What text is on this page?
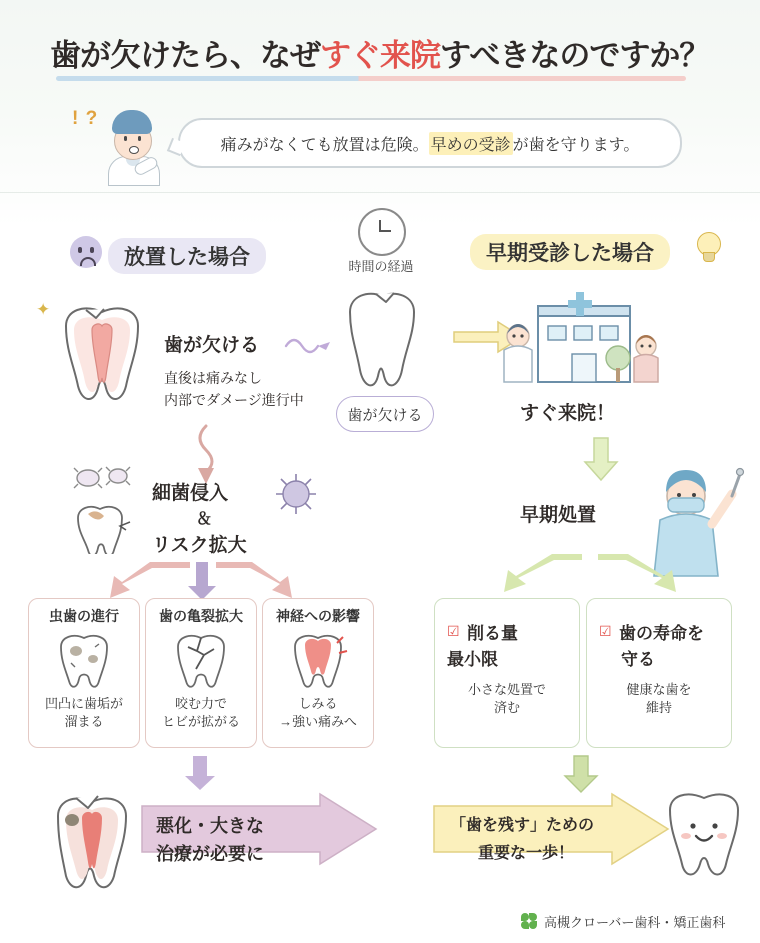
歯が欠けたら、なぜすぐ来院すべきなのですか？
! ?
痛みがなくても放置は危険。 早めの受診 が歯を守ります。
放置した場合	早期受診した場合
時間の経過
歯が欠ける
✦
歯が欠ける
直後は痛みなし
内部でダメージ進行中
細菌侵入
＆
リスク拡大
虫歯の進行
凹凸に歯垢が
溜まる
歯の亀裂拡大
咬む力で
ヒビが拡がる
神経への影響
しみる
→強い痛みへ
悪化・大きな
治療が必要に
すぐ来院！
早期処置
☑ 削る量
最小限
小さな処置で
済む
☑ 歯の寿命を
守る
健康な歯を
維持
「歯を残す」ための
重要な一歩！
高槻クローバー歯科・矯正歯科
